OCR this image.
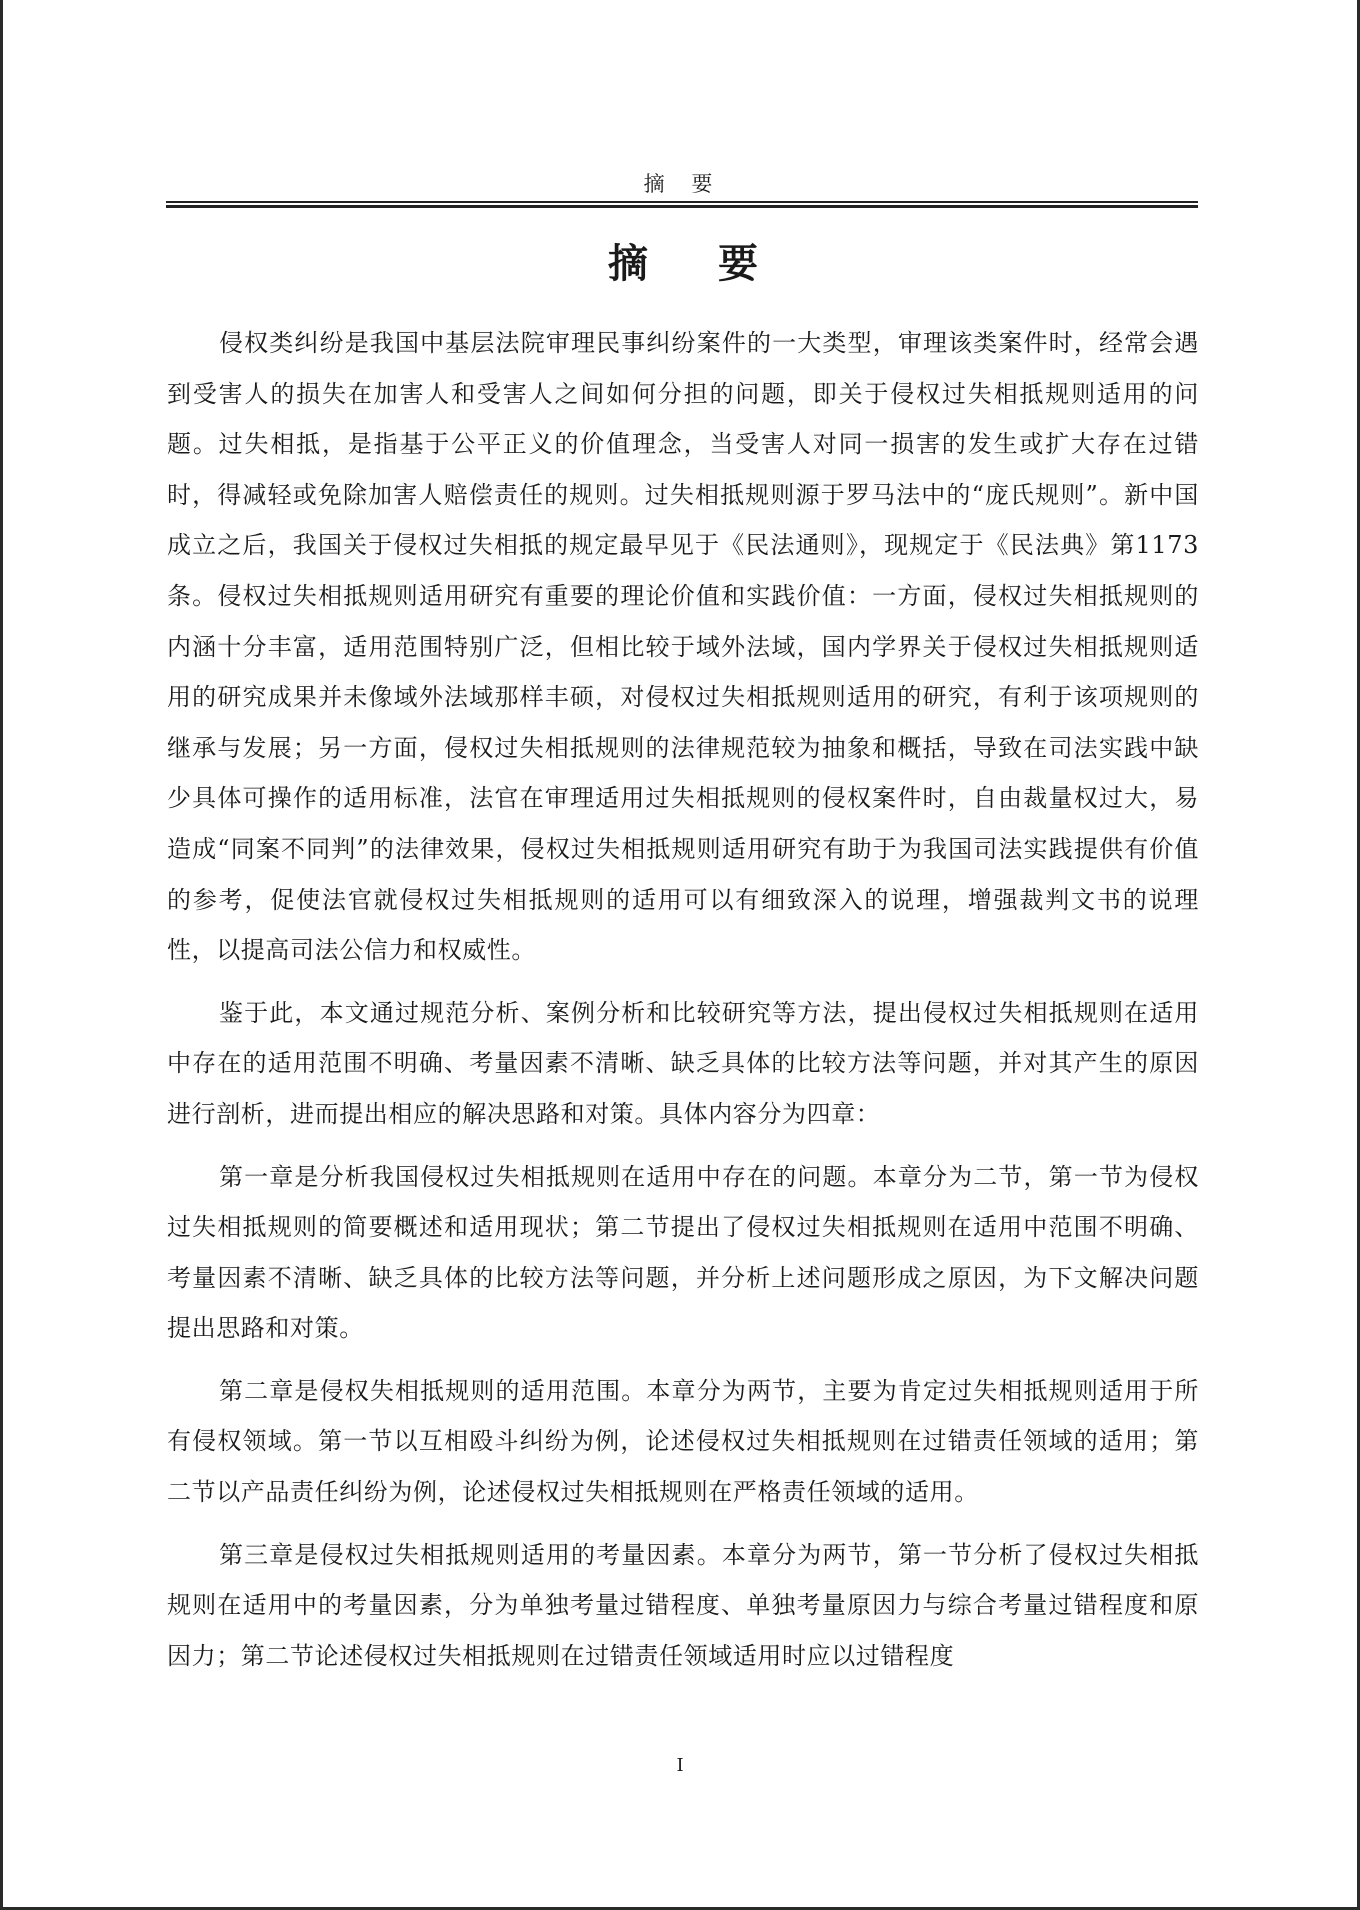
摘 要
摘 要

侵权类纠纷是我国中基层法院审理民事纠纷案件的一大类型，审理该类案件时，经常会遇到受害人的损失在加害人和受害人之间如何分担的问题，即关于侵权过失相抵规则适用的问题。过失相抵，是指基于公平正义的价值理念，当受害人对同一损害的发生或扩大存在过错时，得减轻或免除加害人赔偿责任的规则。过失相抵规则源于罗马法中的“庞氏规则”。新中国成立之后，我国关于侵权过失相抵的规定最早见于《民法通则》，现规定于《民法典》第1173条。侵权过失相抵规则适用研究有重要的理论价值和实践价值：一方面，侵权过失相抵规则的内涵十分丰富，适用范围特别广泛，但相比较于域外法域，国内学界关于侵权过失相抵规则适用的研究成果并未像域外法域那样丰硕，对侵权过失相抵规则适用的研究，有利于该项规则的继承与发展；另一方面，侵权过失相抵规则的法律规范较为抽象和概括，导致在司法实践中缺少具体可操作的适用标准，法官在审理适用过失相抵规则的侵权案件时，自由裁量权过大，易造成“同案不同判”的法律效果，侵权过失相抵规则适用研究有助于为我国司法实践提供有价值的参考，促使法官就侵权过失相抵规则的适用可以有细致深入的说理，增强裁判文书的说理性，以提高司法公信力和权威性。

鉴于此，本文通过规范分析、案例分析和比较研究等方法，提出侵权过失相抵规则在适用中存在的适用范围不明确、考量因素不清晰、缺乏具体的比较方法等问题，并对其产生的原因进行剖析，进而提出相应的解决思路和对策。具体内容分为四章：

第一章是分析我国侵权过失相抵规则在适用中存在的问题。本章分为二节，第一节为侵权过失相抵规则的简要概述和适用现状；第二节提出了侵权过失相抵规则在适用中范围不明确、考量因素不清晰、缺乏具体的比较方法等问题，并分析上述问题形成之原因，为下文解决问题提出思路和对策。

第二章是侵权失相抵规则的适用范围。本章分为两节，主要为肯定过失相抵规则适用于所有侵权领域。第一节以互相殴斗纠纷为例，论述侵权过失相抵规则在过错责任领域的适用；第二节以产品责任纠纷为例，论述侵权过失相抵规则在严格责任领域的适用。

第三章是侵权过失相抵规则适用的考量因素。本章分为两节，第一节分析了侵权过失相抵规则在适用中的考量因素，分为单独考量过错程度、单独考量原因力与综合考量过错程度和原因力；第二节论述侵权过失相抵规则在过错责任领域适用时应以过错程度

I
